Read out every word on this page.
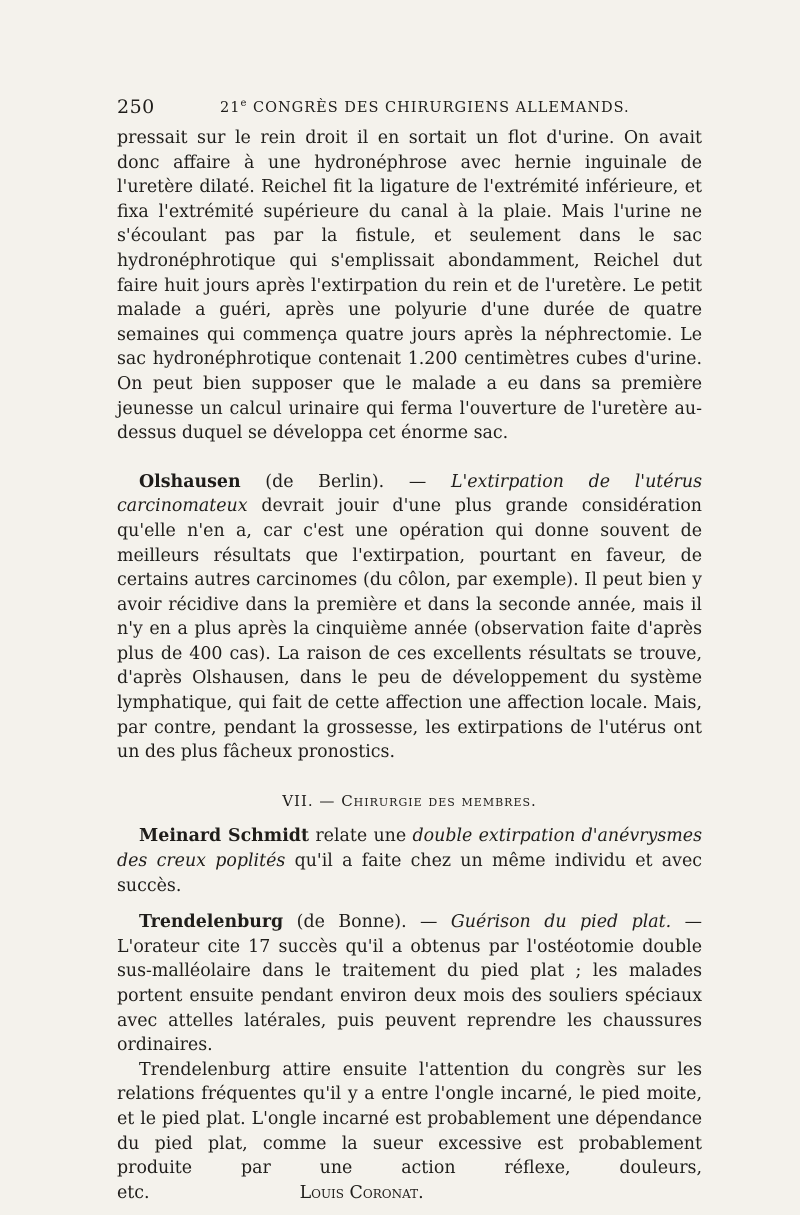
250	21e CONGRÈS DES CHIRURGIENS ALLEMANDS.

pressait sur le rein droit il en sortait un flot d'urine. On avait donc affaire à une hydronéphrose avec hernie inguinale de l'uretère dilaté. Reichel fit la ligature de l'extrémité inférieure, et fixa l'extrémité supérieure du canal à la plaie. Mais l'urine ne s'écoulant pas par la fistule, et seulement dans le sac hydronéphrotique qui s'emplissait abondamment, Reichel dut faire huit jours après l'extirpation du rein et de l'uretère. Le petit malade a guéri, après une polyurie d'une durée de quatre semaines qui commença quatre jours après la néphrectomie. Le sac hydronéphrotique contenait 1.200 centimètres cubes d'urine. On peut bien supposer que le malade a eu dans sa première jeunesse un calcul urinaire qui ferma l'ouverture de l'uretère au-dessus duquel se développa cet énorme sac.

Olshausen (de Berlin). — L'extirpation de l'utérus carcinomateux devrait jouir d'une plus grande considération qu'elle n'en a, car c'est une opération qui donne souvent de meilleurs résultats que l'extirpation, pourtant en faveur, de certains autres carcinomes (du côlon, par exemple). Il peut bien y avoir récidive dans la première et dans la seconde année, mais il n'y en a plus après la cinquième année (observation faite d'après plus de 400 cas). La raison de ces excellents résultats se trouve, d'après Olshausen, dans le peu de développement du système lymphatique, qui fait de cette affection une affection locale. Mais, par contre, pendant la grossesse, les extirpations de l'utérus ont un des plus fâcheux pronostics.

VII. — Chirurgie des membres.

Meinard Schmidt relate une double extirpation d'anévrysmes des creux poplités qu'il a faite chez un même individu et avec succès.

Trendelenburg (de Bonne). — Guérison du pied plat. — L'orateur cite 17 succès qu'il a obtenus par l'ostéotomie double sus-malléolaire dans le traitement du pied plat ; les malades portent ensuite pendant environ deux mois des souliers spéciaux avec attelles latérales, puis peuvent reprendre les chaussures ordinaires.

Trendelenburg attire ensuite l'attention du congrès sur les relations fréquentes qu'il y a entre l'ongle incarné, le pied moite, et le pied plat. L'ongle incarné est probablement une dépendance du pied plat, comme la sueur excessive est probablement produite par une action réflexe, douleurs, etc.	Louis Coronat.
